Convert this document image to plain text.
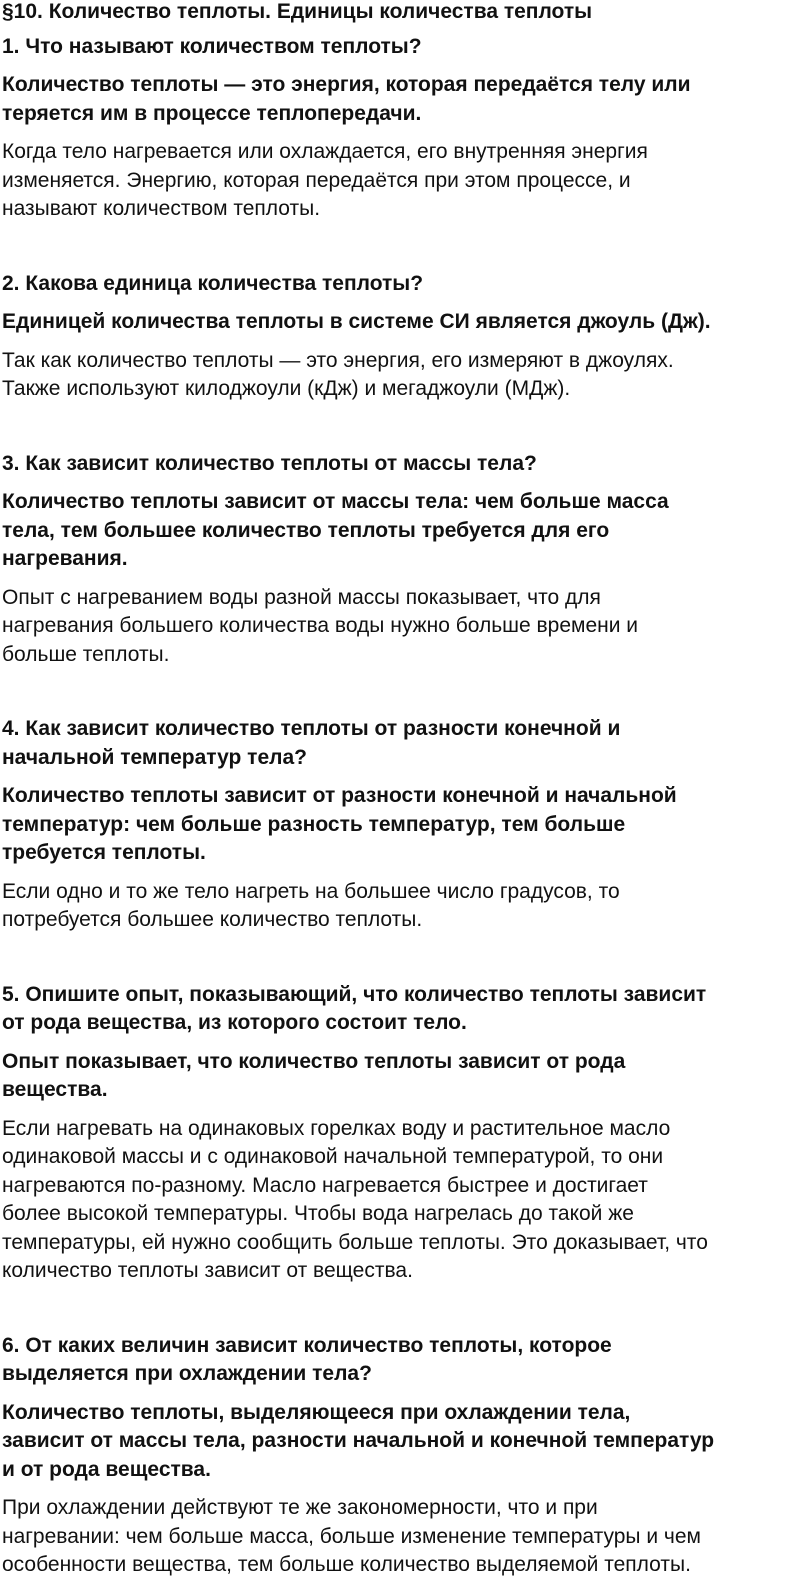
§10. Количество теплоты. Единицы количества теплоты
1. Что называют количеством теплоты?
Количество теплоты — это энергия, которая передаётся телу или
теряется им в процессе теплопередачи.
Когда тело нагревается или охлаждается, его внутренняя энергия
изменяется. Энергию, которая передаётся при этом процессе, и
называют количеством теплоты.
2. Какова единица количества теплоты?
Единицей количества теплоты в системе СИ является джоуль (Дж).
Так как количество теплоты — это энергия, его измеряют в джоулях.
Также используют килоджоули (кДж) и мегаджоули (МДж).
3. Как зависит количество теплоты от массы тела?
Количество теплоты зависит от массы тела: чем больше масса
тела, тем большее количество теплоты требуется для его
нагревания.
Опыт с нагреванием воды разной массы показывает, что для
нагревания большего количества воды нужно больше времени и
больше теплоты.
4. Как зависит количество теплоты от разности конечной и
начальной температур тела?
Количество теплоты зависит от разности конечной и начальной
температур: чем больше разность температур, тем больше
требуется теплоты.
Если одно и то же тело нагреть на большее число градусов, то
потребуется большее количество теплоты.
5. Опишите опыт, показывающий, что количество теплоты зависит
от рода вещества, из которого состоит тело.
Опыт показывает, что количество теплоты зависит от рода
вещества.
Если нагревать на одинаковых горелках воду и растительное масло
одинаковой массы и с одинаковой начальной температурой, то они
нагреваются по-разному. Масло нагревается быстрее и достигает
более высокой температуры. Чтобы вода нагрелась до такой же
температуры, ей нужно сообщить больше теплоты. Это доказывает, что
количество теплоты зависит от вещества.
6. От каких величин зависит количество теплоты, которое
выделяется при охлаждении тела?
Количество теплоты, выделяющееся при охлаждении тела,
зависит от массы тела, разности начальной и конечной температур
и от рода вещества.
При охлаждении действуют те же закономерности, что и при
нагревании: чем больше масса, больше изменение температуры и чем
особенности вещества, тем больше количество выделяемой теплоты.
